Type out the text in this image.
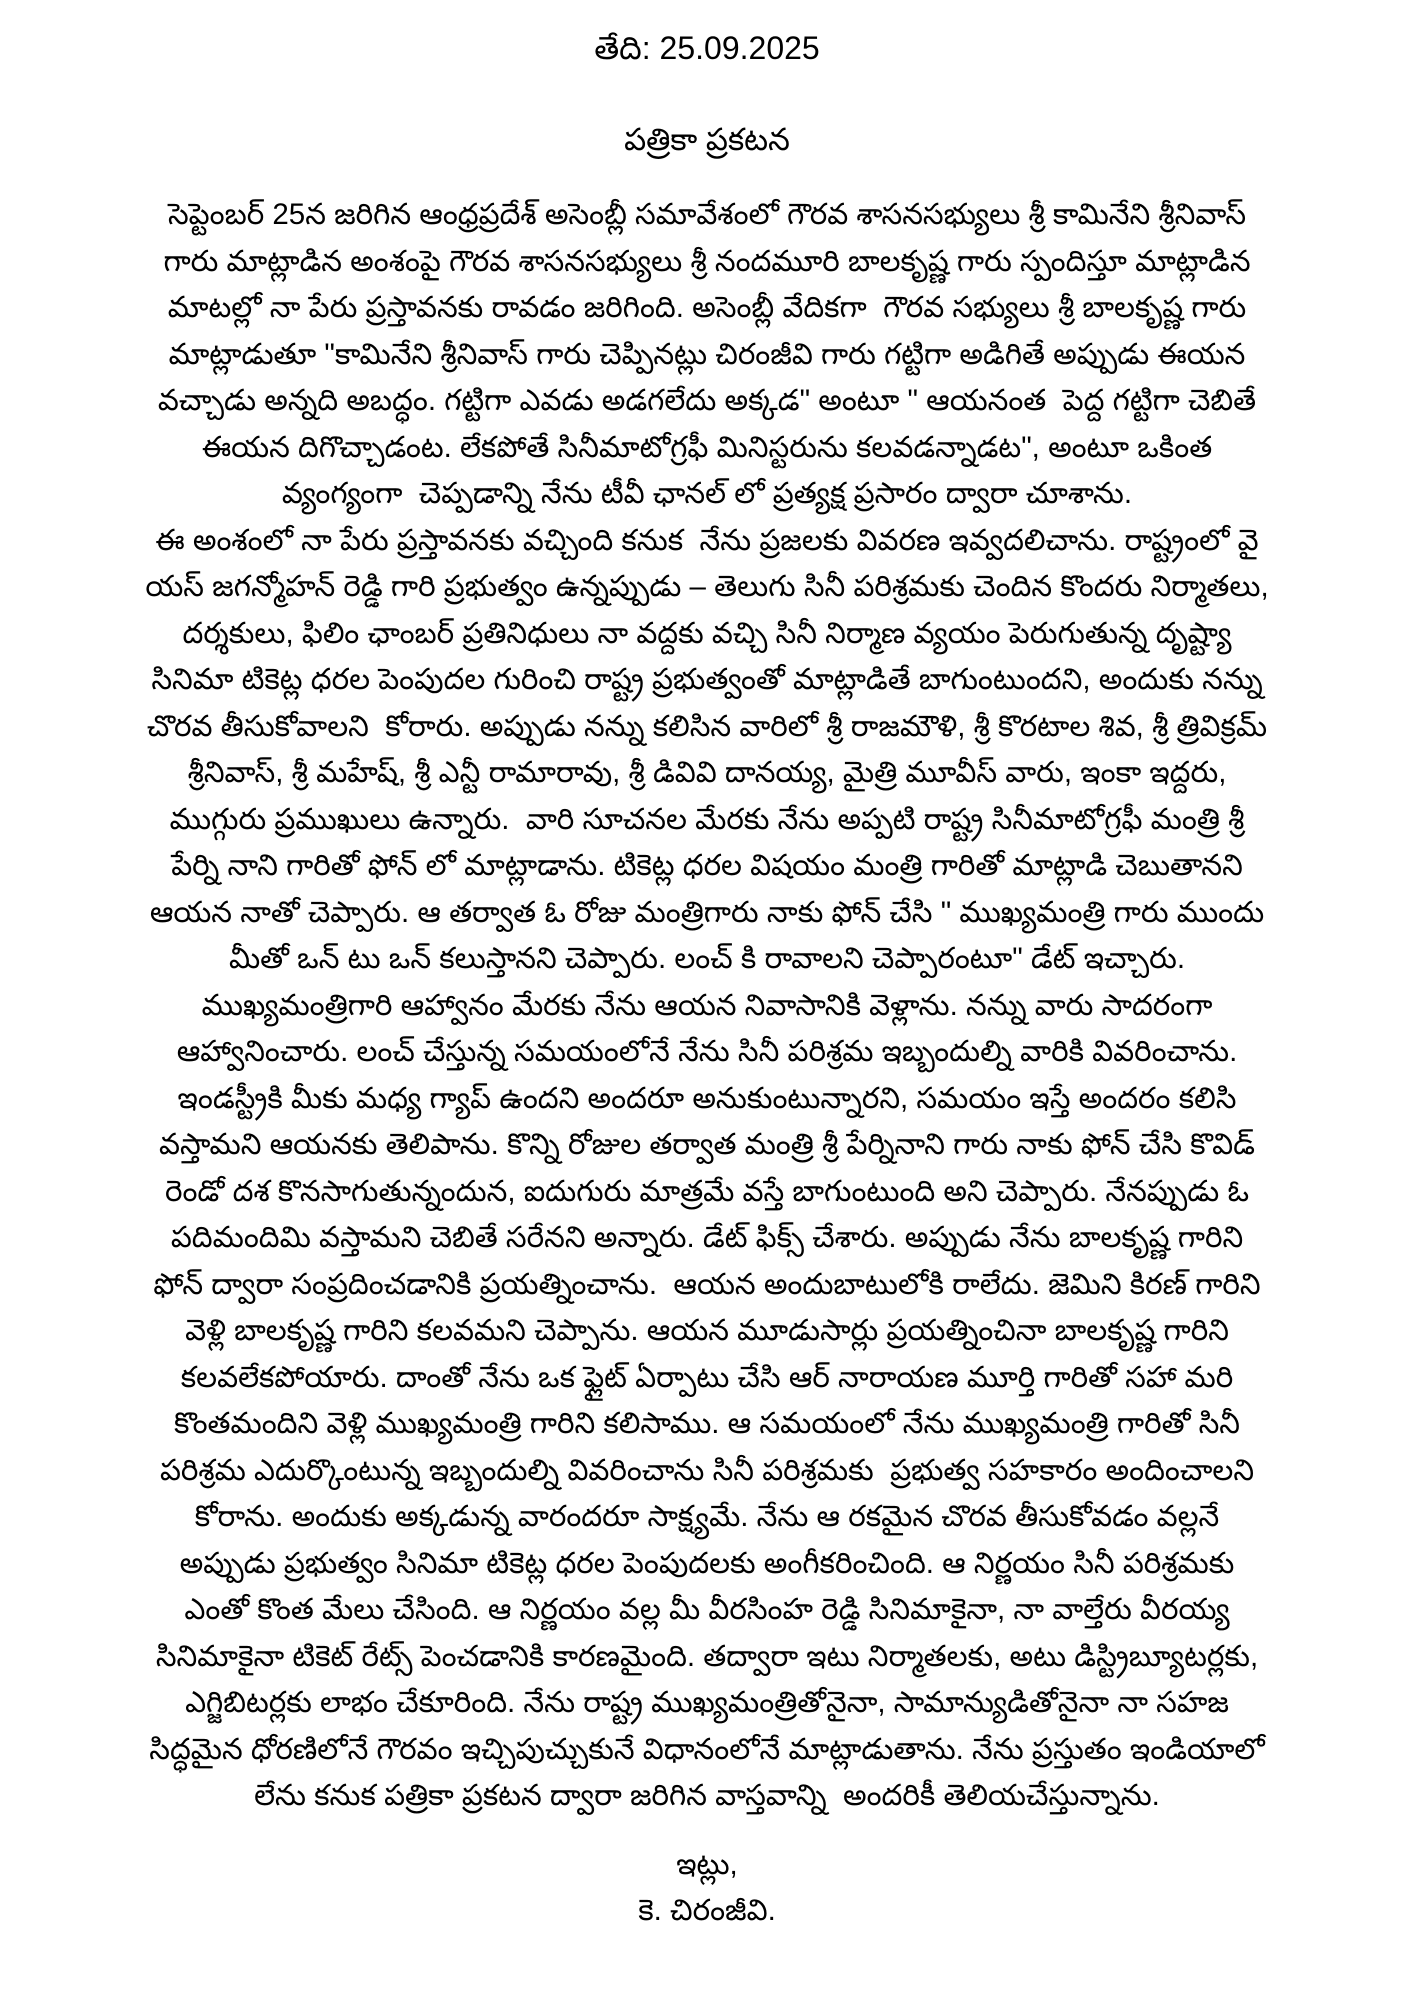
తేది: 25.09.2025
పత్రికా ప్రకటన
సెప్టెంబర్ 25న జరిగిన ఆంధ్రప్రదేశ్ అసెంబ్లీ సమావేశంలో గౌరవ శాసనసభ్యులు శ్రీ కామినేని శ్రీనివాస్
గారు మాట్లాడిన అంశంపై గౌరవ శాసనసభ్యులు శ్రీ నందమూరి బాలకృష్ణ గారు స్పందిస్తూ మాట్లాడిన
మాటల్లో నా పేరు ప్రస్తావనకు రావడం జరిగింది. అసెంబ్లీ వేదికగా  గౌరవ సభ్యులు శ్రీ బాలకృష్ణ గారు
మాట్లాడుతూ "కామినేని శ్రీనివాస్ గారు చెప్పినట్లు చిరంజీవి గారు గట్టిగా అడిగితే అప్పుడు ఈయన
వచ్చాడు అన్నది అబద్ధం. గట్టిగా ఎవడు అడగలేదు అక్కడ" అంటూ " ఆయనంత  పెద్ద గట్టిగా చెబితే
ఈయన దిగొచ్చాడంట. లేకపోతే సినీమాటోగ్రఫీ మినిస్టరును కలవడన్నాడట", అంటూ ఒకింత
వ్యంగ్యంగా  చెప్పడాన్ని నేను టీవీ ఛానల్ లో ప్రత్యక్ష ప్రసారం ద్వారా చూశాను.
ఈ అంశంలో నా పేరు ప్రస్తావనకు వచ్చింది కనుక  నేను ప్రజలకు వివరణ ఇవ్వదలిచాను. రాష్ట్రంలో వై
యస్ జగన్మోహన్ రెడ్డి గారి ప్రభుత్వం ఉన్నప్పుడు – తెలుగు సినీ పరిశ్రమకు చెందిన కొందరు నిర్మాతలు,
దర్శకులు, ఫిలిం ఛాంబర్ ప్రతినిధులు నా వద్దకు వచ్చి సినీ నిర్మాణ వ్యయం పెరుగుతున్న దృష్ట్యా
సినిమా టికెట్ల ధరల పెంపుదల గురించి రాష్ట్ర ప్రభుత్వంతో మాట్లాడితే బాగుంటుందని, అందుకు నన్ను
చొరవ తీసుకోవాలని  కోరారు. అప్పుడు నన్ను కలిసిన వారిలో శ్రీ రాజమౌళి, శ్రీ కొరటాల శివ, శ్రీ త్రివిక్రమ్
శ్రీనివాస్, శ్రీ మహేష్, శ్రీ ఎన్టీ రామారావు, శ్రీ డివివి దానయ్య, మైత్రి మూవీస్ వారు, ఇంకా ఇద్దరు,
ముగ్గురు ప్రముఖులు ఉన్నారు.  వారి సూచనల మేరకు నేను అప్పటి రాష్ట్ర సినీమాటోగ్రఫీ మంత్రి శ్రీ
పేర్ని నాని గారితో ఫోన్ లో మాట్లాడాను. టికెట్ల ధరల విషయం మంత్రి గారితో మాట్లాడి చెబుతానని
ఆయన నాతో చెప్పారు. ఆ తర్వాత ఓ రోజు మంత్రిగారు నాకు ఫోన్ చేసి " ముఖ్యమంత్రి గారు ముందు
మీతో ఒన్ టు ఒన్ కలుస్తానని చెప్పారు. లంచ్ కి రావాలని చెప్పారంటూ" డేట్ ఇచ్చారు.
ముఖ్యమంత్రిగారి ఆహ్వానం మేరకు నేను ఆయన నివాసానికి వెళ్లాను. నన్ను వారు సాదరంగా
ఆహ్వానించారు. లంచ్ చేస్తున్న సమయంలోనే నేను సినీ పరిశ్రమ ఇబ్బందుల్ని వారికి వివరించాను.
ఇండస్ట్రీకి మీకు మధ్య గ్యాప్ ఉందని అందరూ అనుకుంటున్నారని, సమయం ఇస్తే అందరం కలిసి
వస్తామని ఆయనకు తెలిపాను. కొన్ని రోజుల తర్వాత మంత్రి శ్రీ పేర్నినాని గారు నాకు ఫోన్ చేసి కొవిడ్
రెండో దశ కొనసాగుతున్నందున, ఐదుగురు మాత్రమే వస్తే బాగుంటుంది అని చెప్పారు. నేనప్పుడు ఓ
పదిమందిమి వస్తామని చెబితే సరేనని అన్నారు. డేట్ ఫిక్స్ చేశారు. అప్పుడు నేను బాలకృష్ణ గారిని
ఫోన్ ద్వారా సంప్రదించడానికి ప్రయత్నించాను.  ఆయన అందుబాటులోకి రాలేదు. జెమిని కిరణ్ గారిని
వెళ్లి బాలకృష్ణ గారిని కలవమని చెప్పాను. ఆయన మూడుసార్లు ప్రయత్నించినా బాలకృష్ణ గారిని
కలవలేకపోయారు. దాంతో నేను ఒక ఫ్లైట్ ఏర్పాటు చేసి ఆర్ నారాయణ మూర్తి గారితో సహా మరి
కొంతమందిని వెళ్లి ముఖ్యమంత్రి గారిని కలిసాము. ఆ సమయంలో నేను ముఖ్యమంత్రి గారితో సినీ
పరిశ్రమ ఎదుర్కొంటున్న ఇబ్బందుల్ని వివరించాను సినీ పరిశ్రమకు  ప్రభుత్వ సహకారం అందించాలని
కోరాను. అందుకు అక్కడున్న వారందరూ సాక్ష్యమే. నేను ఆ రకమైన చొరవ తీసుకోవడం వల్లనే
అప్పుడు ప్రభుత్వం సినిమా టికెట్ల ధరల పెంపుదలకు అంగీకరించింది. ఆ నిర్ణయం సినీ పరిశ్రమకు
ఎంతో కొంత మేలు చేసింది. ఆ నిర్ణయం వల్ల మీ వీరసింహ రెడ్డి సినిమాకైనా, నా వాల్తేరు వీరయ్య
సినిమాకైనా టికెట్ రేట్స్ పెంచడానికి కారణమైంది. తద్వారా ఇటు నిర్మాతలకు, అటు డిస్ట్రిబ్యూటర్లకు,
ఎగ్జిబిటర్లకు లాభం చేకూరింది. నేను రాష్ట్ర ముఖ్యమంత్రితోనైనా, సామాన్యుడితోనైనా నా సహజ
సిద్ధమైన ధోరణిలోనే గౌరవం ఇచ్చిపుచ్చుకునే విధానంలోనే మాట్లాడుతాను. నేను ప్రస్తుతం ఇండియాలో
లేను కనుక పత్రికా ప్రకటన ద్వారా జరిగిన వాస్తవాన్ని  అందరికీ తెలియచేస్తున్నాను.
ఇట్లు,
కె. చిరంజీవి.
